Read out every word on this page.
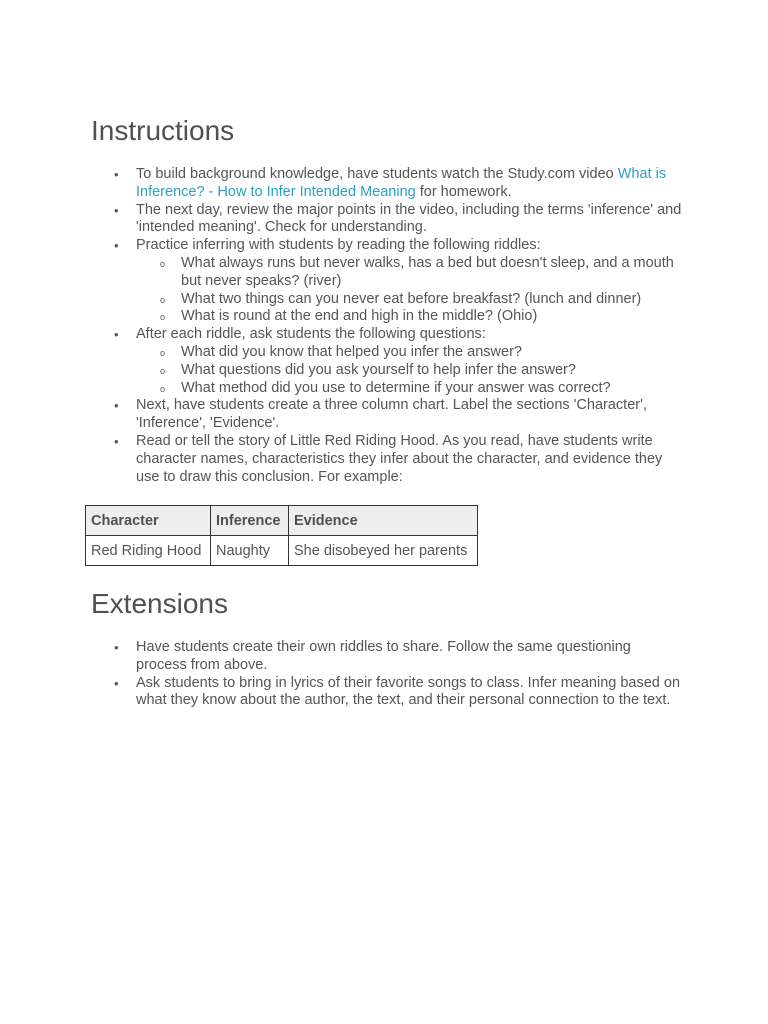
Instructions
• To build background knowledge, have students watch the Study.com video What is Inference? - How to Infer Intended Meaning for homework.
• The next day, review the major points in the video, including the terms 'inference' and 'intended meaning'. Check for understanding.
• Practice inferring with students by reading the following riddles:
o What always runs but never walks, has a bed but doesn't sleep, and a mouth but never speaks? (river)
o What two things can you never eat before breakfast? (lunch and dinner)
o What is round at the end and high in the middle? (Ohio)
• After each riddle, ask students the following questions:
o What did you know that helped you infer the answer?
o What questions did you ask yourself to help infer the answer?
o What method did you use to determine if your answer was correct?
• Next, have students create a three column chart. Label the sections 'Character', 'Inference', 'Evidence'.
• Read or tell the story of Little Red Riding Hood. As you read, have students write character names, characteristics they infer about the character, and evidence they use to draw this conclusion. For example:
Character	Inference	Evidence
Red Riding Hood	Naughty	She disobeyed her parents
Extensions
• Have students create their own riddles to share. Follow the same questioning process from above.
• Ask students to bring in lyrics of their favorite songs to class. Infer meaning based on what they know about the author, the text, and their personal connection to the text.
